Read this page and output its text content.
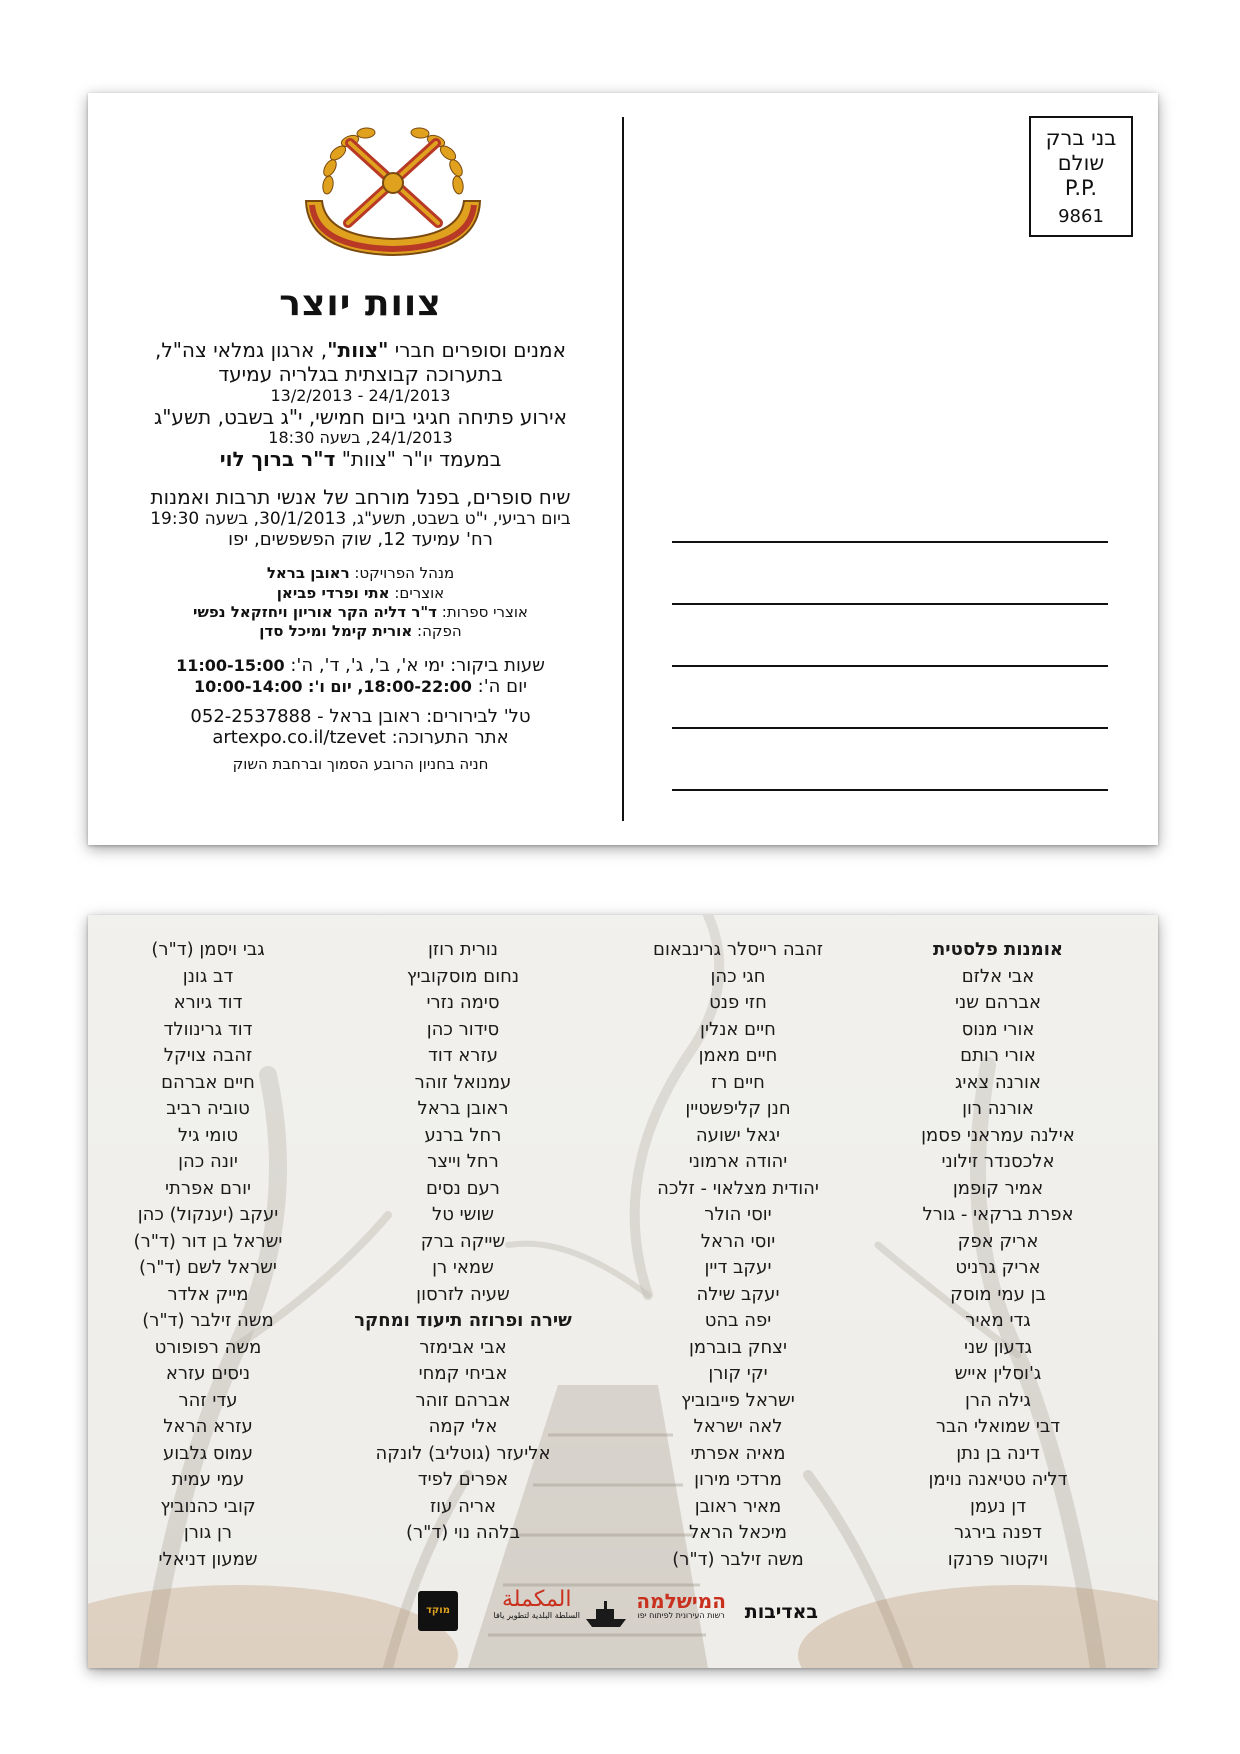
צוות יוצר
אמנים וסופרים חברי "צוות", ארגון גמלאי צה"ל,
בתערוכה קבוצתית בגלריה עמיעד
13/2/2013 - 24/1/2013
אירוע פתיחה חגיגי ביום חמישי, י"ג בשבט, תשע"ג
24/1/2013, בשעה 18:30
במעמד יו"ר "צוות" ד"ר ברוך לוי
שיח סופרים, בפנל מורחב של אנשי תרבות ואמנות
ביום רביעי, י"ט בשבט, תשע"ג, 30/1/2013, בשעה 19:30
רח' עמיעד 12, שוק הפשפשים, יפו
מנהל הפרויקט: ראובן בראל
אוצרים: אתי ופרדי פביאן
אוצרי ספרות: ד"ר דליה הקר אוריון ויחזקאל נפשי
הפקה: אורית קימל ומיכל סדן
שעות ביקור: ימי א', ב', ג', ד', ה': 11:00-15:00
יום ה': 18:00-22:00, יום ו': 10:00-14:00
טל' לבירורים: ראובן בראל - 052-2537888
אתר התערוכה: artexpo.co.il/tzevet
חניה בחניון הרובע הסמוך וברחבת השוק
בני ברק
שולם
P.P.
9861
אומנות פלסטית
אבי אלזם
אברהם שני
אורי מנוס
אורי רותם
אורנה צאיג
אורנה רון
אילנה עמראני פסמן
אלכסנדר זילוני
אמיר קופמן
אפרת ברקאי - גורל
אריק אפק
אריק גרניט
בן עמי מוסק
גדי מאיר
גדעון שני
ג'וסלין אייש
גילה הרן
דבי שמואלי הבר
דינה בן נתן
דליה טטיאנה נוימן
דן נעמן
דפנה בירגר
ויקטור פרנקו
זהבה רייסלר גרינבאום
חגי כהן
חזי פנט
חיים אנלין
חיים מאמן
חיים רז
חנן קליפשטיין
יגאל ישועה
יהודה ארמוני
יהודית מצלאוי - זלכה
יוסי הולר
יוסי הראל
יעקב דיין
יעקב שילה
יפה בהט
יצחק בוברמן
יקי קורן
ישראל פייבוביץ
לאה ישראל
מאיה אפרתי
מרדכי מירון
מאיר ראובן
מיכאל הראל
משה זילבר (ד"ר)
נורית רוזן
נחום מוסקוביץ
סימה נזרי
סידור כהן
עזרא דוד
עמנואל זוהר
ראובן בראל
רחל ברנע
רחל וייצר
רעם נסים
שושי טל
שייקה ברק
שמאי רן
שעיה לזרסון
שירה ופרוזה תיעוד ומחקר
אבי אבימזר
אביחי קמחי
אברהם זוהר
אלי קמה
אליעזר (גוטליב) לונקה
אפרים לפיד
אריה עוז
בלהה נוי (ד"ר)
גבי ויסמן (ד"ר)
דב גונן
דוד גיורא
דוד גרינוולד
זהבה צויקל
חיים אברהם
טוביה רביב
טומי גיל
יונה כהן
יורם אפרתי
יעקב (יענקול) כהן
ישראל בן דור (ד"ר)
ישראל לשם (ד"ר)
מייק אלדר
משה זילבר (ד"ר)
משה רפופורט
ניסים עזרא
עדי זהר
עזרא הראל
עמוס גלבוע
עמי עמית
קובי כהנוביץ
רן גורן
שמעון דניאלי
באדיבות
המישלמה
רשות העירונית לפיתוח יפו
المكملة
السلطة البلدية لتطوير يافا
מוקד
